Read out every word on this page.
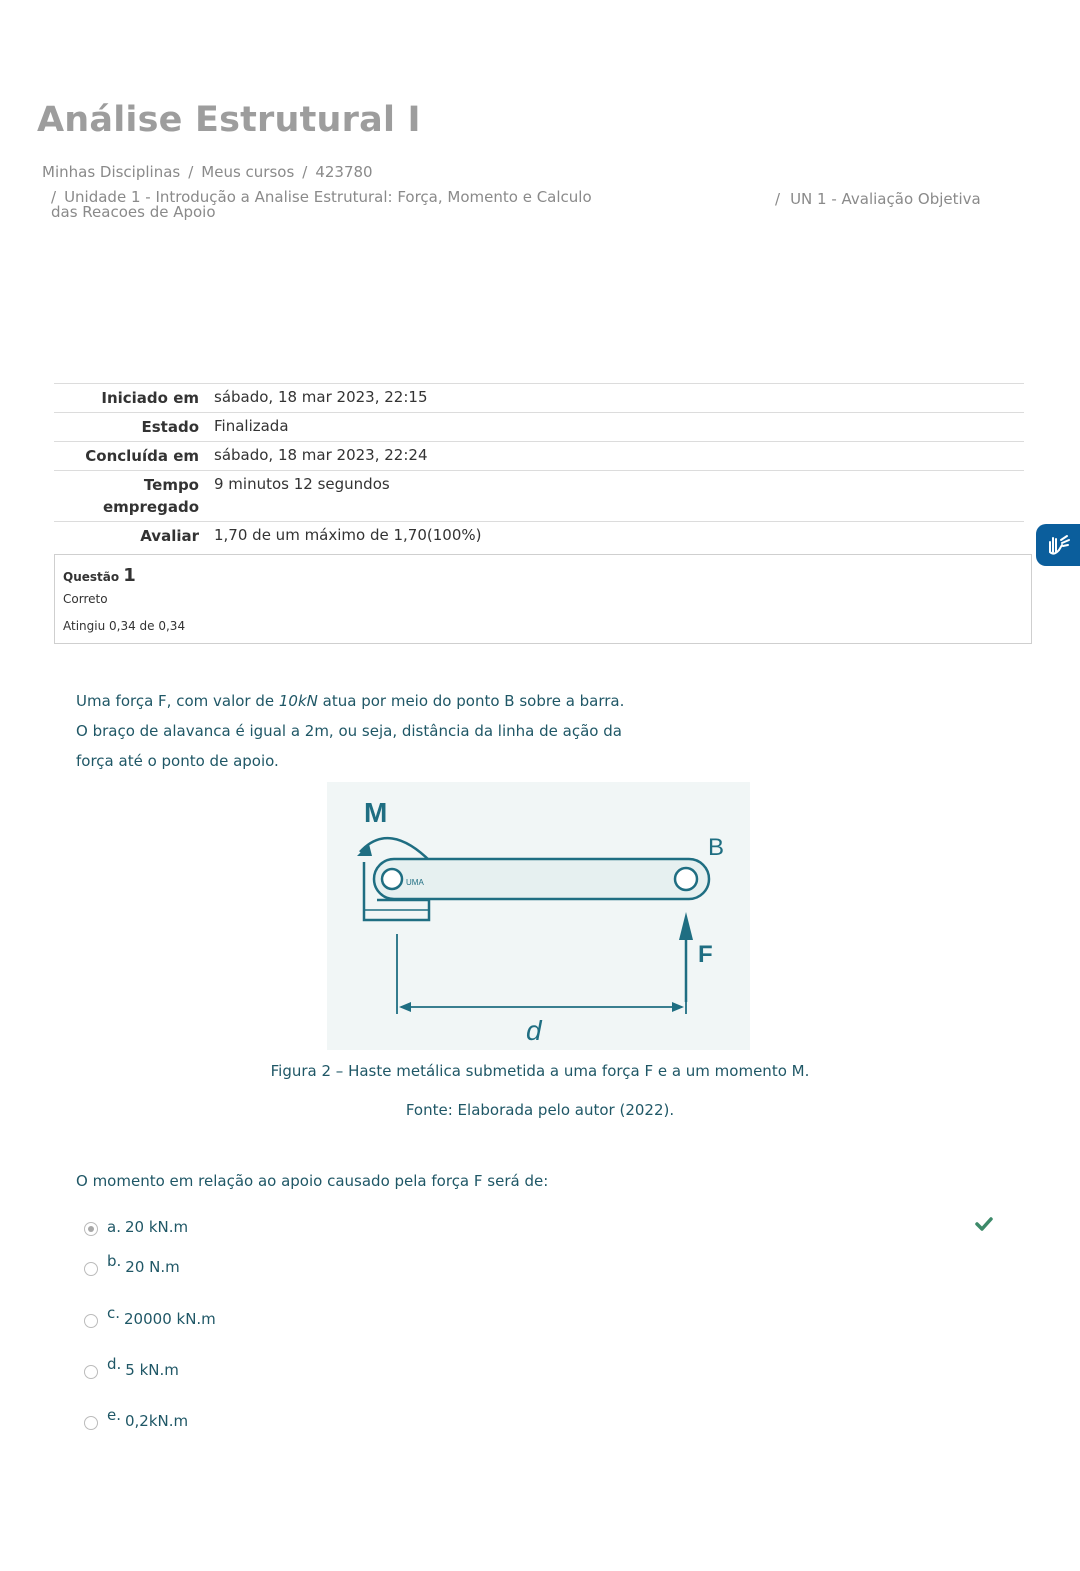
Análise Estrutural I
Minhas Disciplinas / Meus cursos / 423780
/ Unidade 1 - Introdução a Analise Estrutural: Força, Momento e Calculo das Reacoes de Apoio
/ UN 1 - Avaliação Objetiva
Iniciado em	sábado, 18 mar 2023, 22:15
Estado	Finalizada
Concluída em	sábado, 18 mar 2023, 22:24
Tempo empregado	9 minutos 12 segundos
Avaliar	1,70 de um máximo de 1,70(100%)
Questão 1
Correto
Atingiu 0,34 de 0,34
Uma força F, com valor de 10kN atua por meio do ponto B sobre a barra. O braço de alavanca é igual a 2m, ou seja, distância da linha de ação da força até o ponto de apoio.
M
B
F
d
UMA
Figura 2 – Haste metálica submetida a uma força F e a um momento M.
Fonte: Elaborada pelo autor (2022).
O momento em relação ao apoio causado pela força F será de:
a. 20 kN.m
b. 20 N.m
c. 20000 kN.m
d. 5 kN.m
e. 0,2kN.m
